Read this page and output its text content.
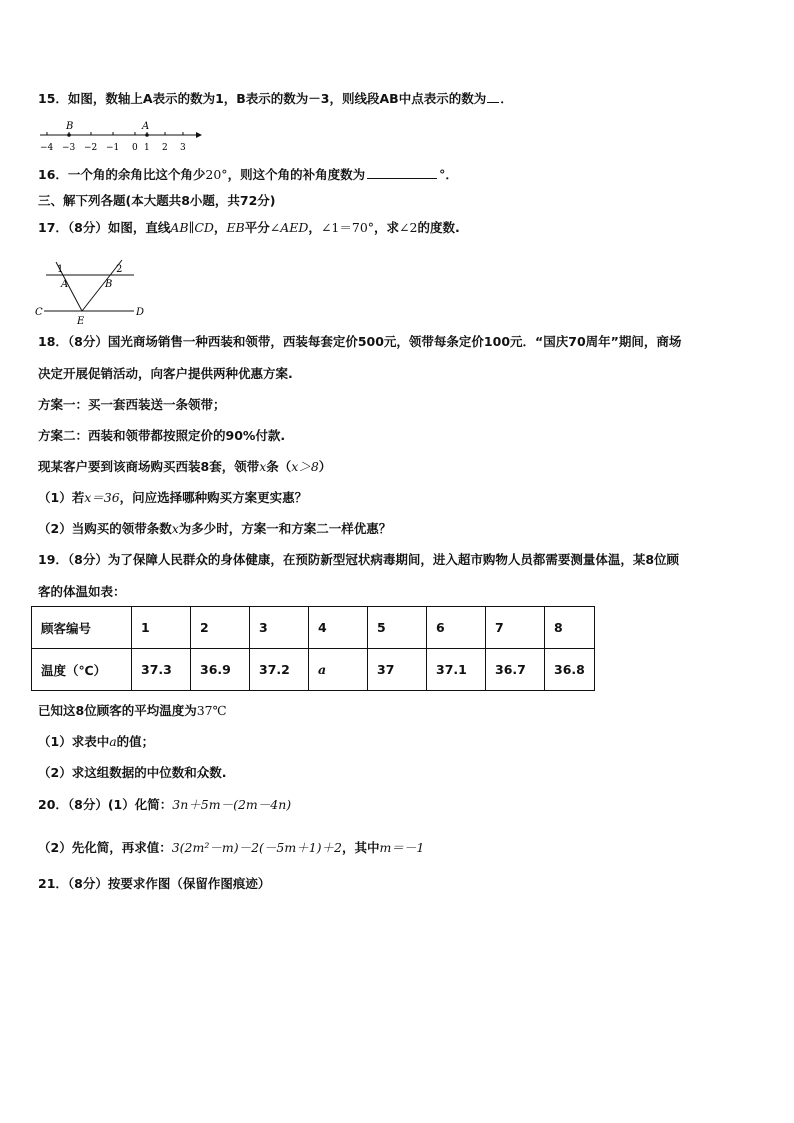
15．如图，数轴上A表示的数为1，B表示的数为－3，则线段AB中点表示的数为 ．
B	A
−4 −3 −2 −1 0 1 2 3
16．一个角的余角比这个角少20°，则这个角的补角度数为	°．
三、解下列各题(本大题共8小题，共72分)
17．（8分）如图，直线AB∥CD，EB平分∠AED，∠1＝70°，求∠2的度数.
1	2
A	B
C	D
E
18．（8分）国光商场销售一种西装和领带，西装每套定价500元，领带每条定价100元．“国庆70周年”期间，商场
决定开展促销活动，向客户提供两种优惠方案.
方案一：买一套西装送一条领带；
方案二：西装和领带都按照定价的90%付款.
现某客户要到该商场购买西装8套，领带x条（x＞8）
（1）若x＝36，问应选择哪种购买方案更实惠？
（2）当购买的领带条数x为多少时，方案一和方案二一样优惠？
19．（8分）为了保障人民群众的身体健康，在预防新型冠状病毒期间，进入超市购物人员都需要测量体温，某8位顾
客的体温如表：
顾客编号	1	2	3	4	5	6	7	8
温度（℃）	37.3	36.9	37.2	a	37	37.1	36.7	36.8
已知这8位顾客的平均温度为37℃
（1）求表中a的值；
（2）求这组数据的中位数和众数.
20．（8分）(1）化简：3n＋5m－(2m－4n)
（2）先化简，再求值：3(2m²－m)－2(－5m＋1)＋2，其中m＝－1
21．（8分）按要求作图（保留作图痕迹）
